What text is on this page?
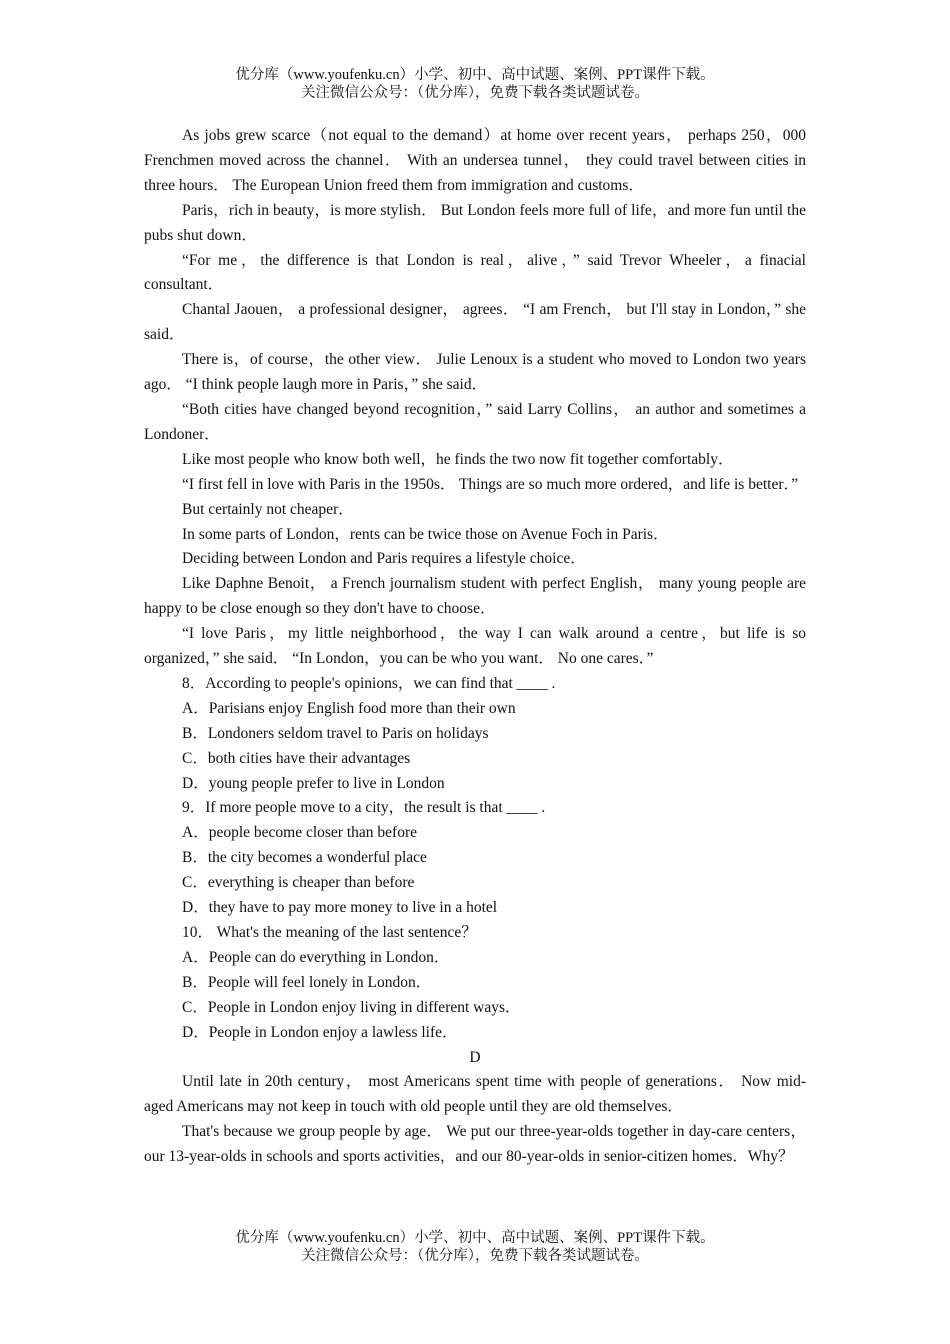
优分库（www.youfenku.cn）小学、初中、高中试题、案例、PPT课件下载。
关注微信公众号：（优分库），免费下载各类试题试卷。

As jobs grew scarce（not equal to the demand）at home over recent years， perhaps 250，000 Frenchmen moved across the channel． With an undersea tunnel， they could travel between cities in three hours． The European Union freed them from immigration and customs．

Paris，rich in beauty，is more stylish． But London feels more full of life，and more fun until the pubs shut down．

“For me，the difference is that London is real，alive，” said Trevor Wheeler，a finacial consultant．

Chantal Jaouen， a professional designer， agrees． “I am French， but I'll stay in London，” she said．

There is，of course，the other view． Julie Lenoux is a student who moved to London two years ago． “I think people laugh more in Paris，” she said．

“Both cities have changed beyond recognition，” said Larry Collins， an author and sometimes a Londoner．

Like most people who know both well，he finds the two now fit together comfortably．

“I first fell in love with Paris in the 1950s． Things are so much more ordered，and life is better．”

But certainly not cheaper．

In some parts of London，rents can be twice those on Avenue Foch in Paris．

Deciding between London and Paris requires a lifestyle choice．

Like Daphne Benoit， a French journalism student with perfect English， many young people are happy to be close enough so they don't have to choose．

“I love Paris，my little neighborhood，the way I can walk around a centre，but life is so organized，” she said． “In London，you can be who you want． No one cares．”

8．According to people's opinions，we can find that ____ .

A．Parisians enjoy English food more than their own

B．Londoners seldom travel to Paris on holidays

C．both cities have their advantages

D．young people prefer to live in London

9．If more people move to a city，the result is that ____ .

A．people become closer than before

B．the city becomes a wonderful place

C．everything is cheaper than before

D．they have to pay more money to live in a hotel

10． What's the meaning of the last sentence？

A．People can do everything in London．

B．People will feel lonely in London．

C．People in London enjoy living in different ways．

D．People in London enjoy a lawless life．

D

Until late in 20th century， most Americans spent time with people of generations． Now mid-aged Americans may not keep in touch with old people until they are old themselves．

That's because we group people by age． We put our three-year-olds together in day-care centers，our 13-year-olds in schools and sports activities，and our 80-year-olds in senior-citizen homes．Why？

优分库（www.youfenku.cn）小学、初中、高中试题、案例、PPT课件下载。
关注微信公众号：（优分库），免费下载各类试题试卷。
